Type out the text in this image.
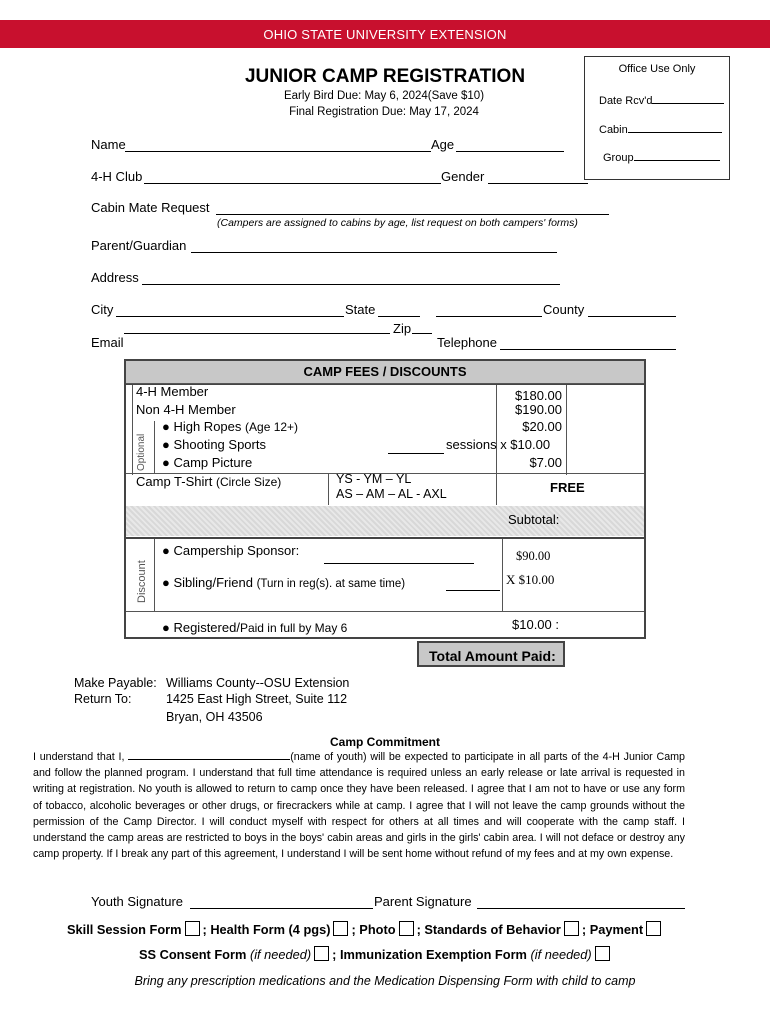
OHIO STATE UNIVERSITY EXTENSION
JUNIOR CAMP REGISTRATION
Early Bird Due: May 6, 2024(Save $10)
Final Registration Due: May 17, 2024
Office Use Only
Date Rcv'd
Cabin
Group
Name	Age
4-H Club	Gender
Cabin Mate Request
(Campers are assigned to cabins by age, list request on both campers' forms)
Parent/Guardian
Address
City	State	County
Zip
Email	Telephone
CAMP FEES / DISCOUNTS
4-H Member	$180.00
Non 4-H Member	$190.00
Optional
● High Ropes (Age 12+)	$20.00
● Shooting Sports	sessions x $10.00
● Camp Picture	$7.00
Camp T-Shirt (Circle Size)	YS - YM – YL
AS – AM – AL - AXL	FREE
Subtotal:
Discount
● Campership Sponsor:	$90.00
● Sibling/Friend (Turn in reg(s). at same time)	X $10.00
● Registered/Paid in full by May 6	$10.00 :
Total Amount Paid:
Make Payable: Williams County--OSU Extension
Return To:	1425 East High Street, Suite 112
Bryan, OH 43506
Camp Commitment
I understand that I,	(name of youth) will be expected to participate in all parts of the 4-H Junior Camp and follow the planned program. I understand that full time attendance is required unless an early release or late arrival is requested in writing at registration. No youth is allowed to return to camp once they have been released. I agree that I am not to have or use any form of tobacco, alcoholic beverages or other drugs, or firecrackers while at camp. I agree that I will not leave the camp grounds without the permission of the Camp Director. I will conduct myself with respect for others at all times and will cooperate with the camp staff. I understand the camp areas are restricted to boys in the boys' cabin areas and girls in the girls' cabin area. I will not deface or destroy any camp property. If I break any part of this agreement, I understand I will be sent home without refund of my fees and at my own expense.
Youth Signature	Parent Signature
Skill Session Form ; Health Form (4 pgs) ; Photo ; Standards of Behavior ; Payment
SS Consent Form (if needed) ; Immunization Exemption Form (if needed)
Bring any prescription medications and the Medication Dispensing Form with child to camp
